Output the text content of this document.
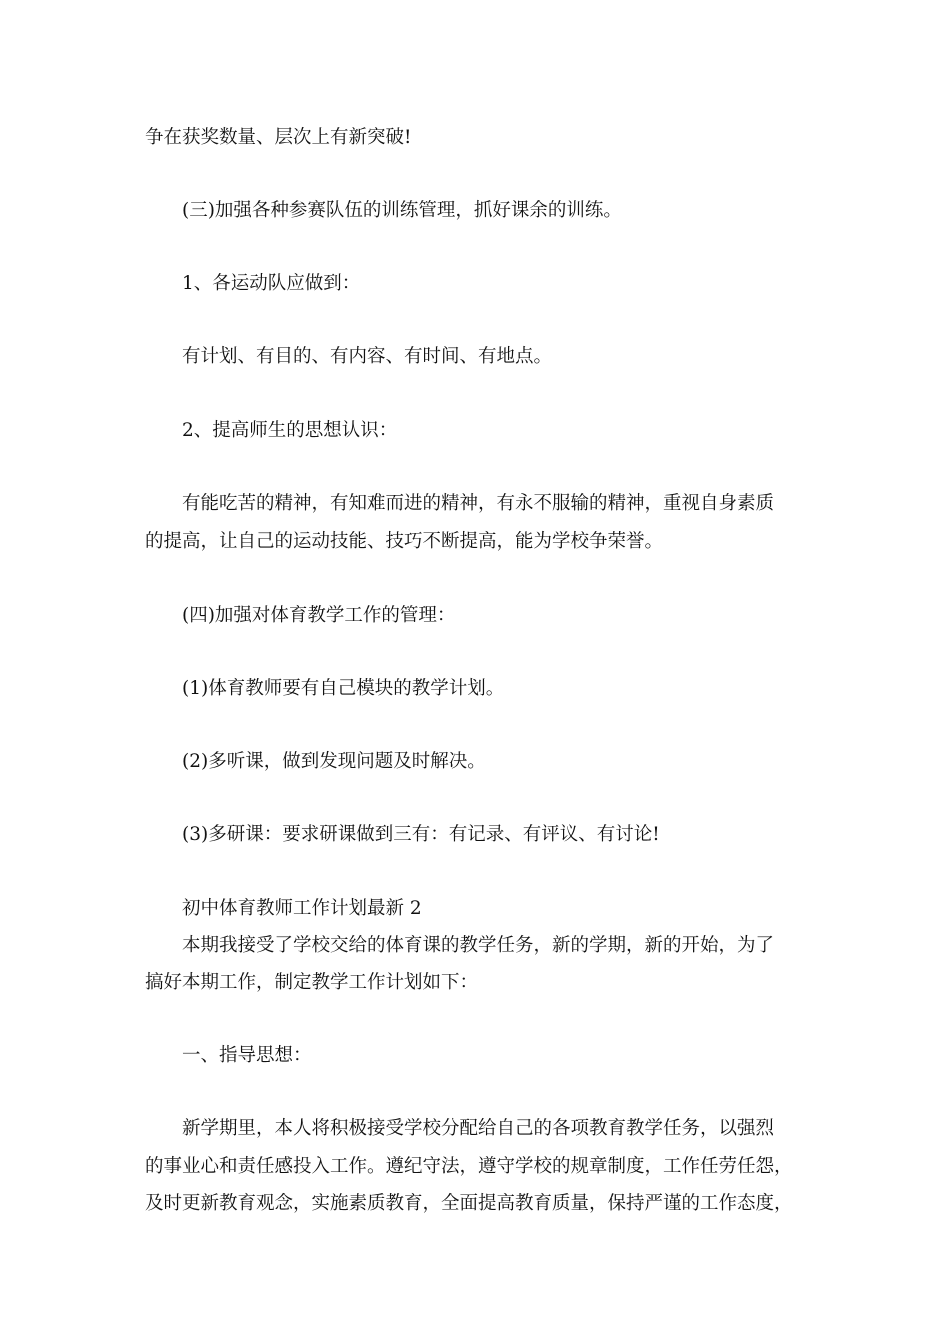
争在获奖数量、层次上有新突破!
(三)加强各种参赛队伍的训练管理，抓好课余的训练。
1、各运动队应做到：
有计划、有目的、有内容、有时间、有地点。
2、提高师生的思想认识：
有能吃苦的精神，有知难而进的精神，有永不服输的精神，重视自身素质
的提高，让自己的运动技能、技巧不断提高，能为学校争荣誉。
(四)加强对体育教学工作的管理：
(1)体育教师要有自己模块的教学计划。
(2)多听课，做到发现问题及时解决。
(3)多研课：要求研课做到三有：有记录、有评议、有讨论!
初中体育教师工作计划最新 2
本期我接受了学校交给的体育课的教学任务，新的学期，新的开始，为了
搞好本期工作，制定教学工作计划如下：
一、指导思想：
新学期里，本人将积极接受学校分配给自己的各项教育教学任务，以强烈
的事业心和责任感投入工作。遵纪守法，遵守学校的规章制度，工作任劳任怨，
及时更新教育观念，实施素质教育，全面提高教育质量，保持严谨的工作态度，
